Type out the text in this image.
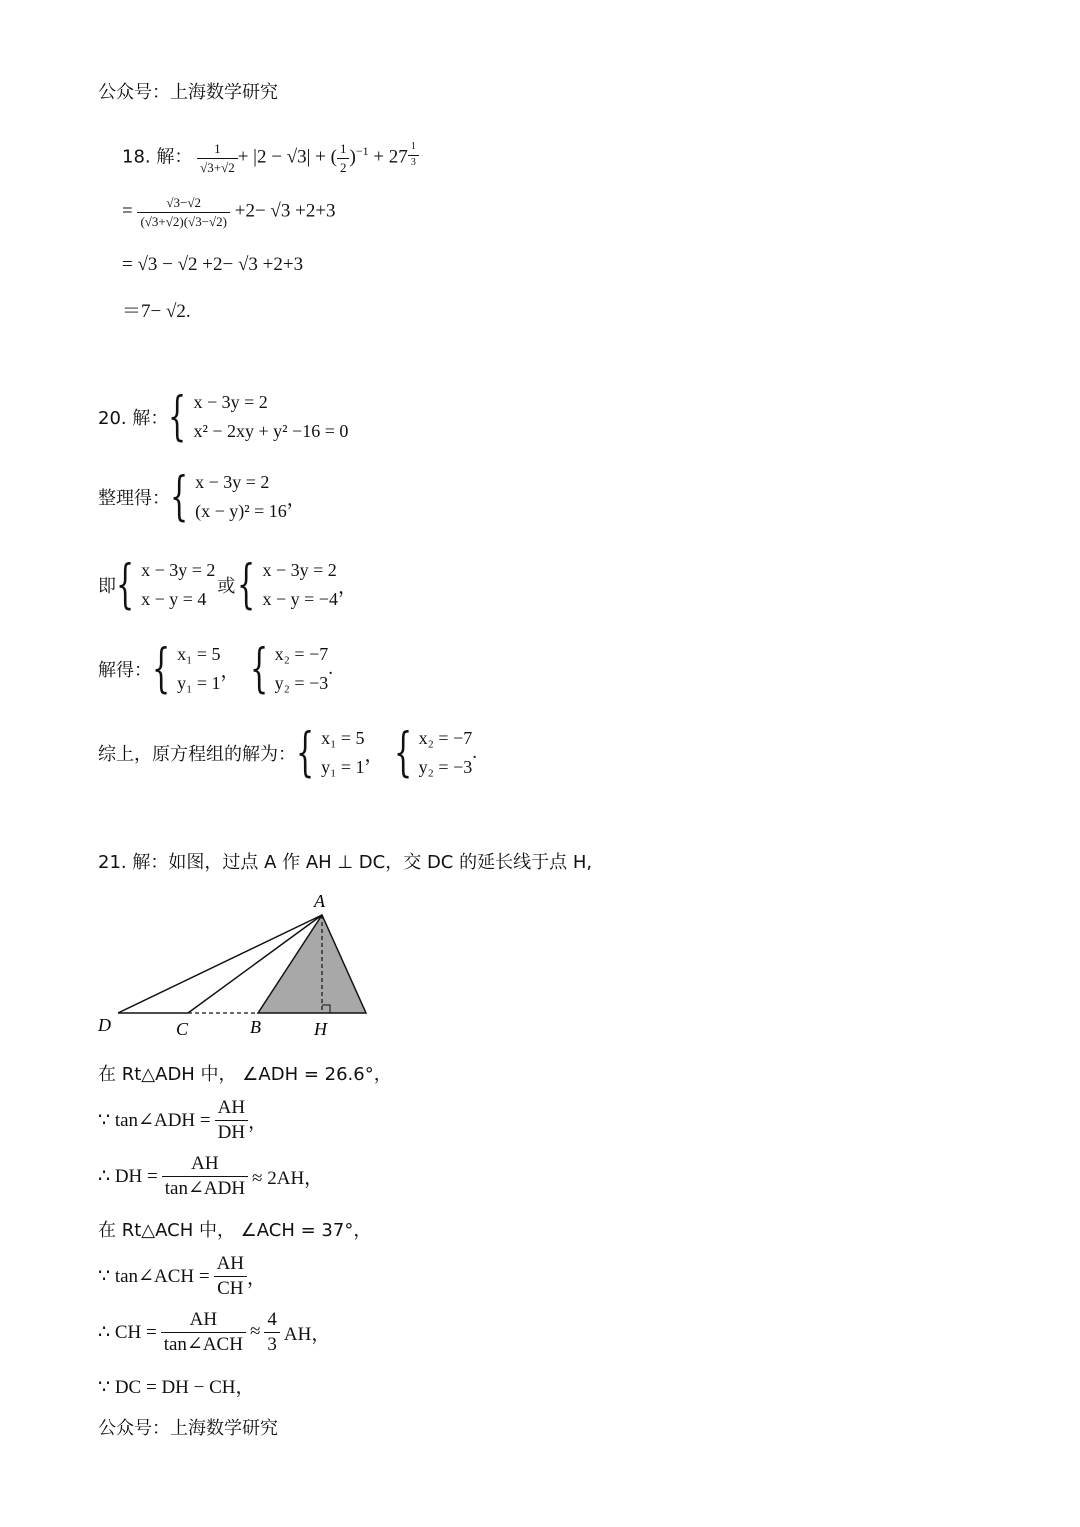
公众号：上海数学研究
18. 解： $\frac{1}{√3+√2} + |2 - √3|$ + ( $\frac{1}{2} )^{-1} + 27$ $^{\frac{1}{3}}$
= $\frac{√3-√2}{(√3+√2)(√3-√2)} +2- √3 +2+3$
= √3 − √2 +2− √3 +2+3
＝7− √2.
20. 解： { x − 3y = 2
x² − 2xy + y² −16 = 0
整理得： { x − 3y = 2
(x − y)² = 16
，
即 { x − 3y = 2
x − y = 4
或 { x − 3y = 2
x − y = −4
，
解得： { x₁ = 5
y₁ = 1
， { x₂ = −7
y₂ = −3
.
综上，原方程组的解为： { x₁ = 5
y₁ = 1
， { x₂ = −7
y₂ = −3
.
21. 解：如图，过点 A 作 AH ⊥ DC，交 DC 的延长线于点 H,
A
D	C	B	H
在 Rt△ADH 中， ∠ADH = 26.6°，
∵ tan∠ADH = $\frac{AH}{DH}$ ，
∴ DH = $\frac{AH}{\text{tan∠ADH}} \approx 2AH$，
在 Rt△ACH 中， ∠ACH = 37°，
∵ tan∠ACH = $\frac{AH}{CH}$ ，
∴ CH = $\frac{AH}{\text{tan∠ACH}} \approx \frac{4}{3}$ AH，
∵ DC = DH − CH，
公众号：上海数学研究
